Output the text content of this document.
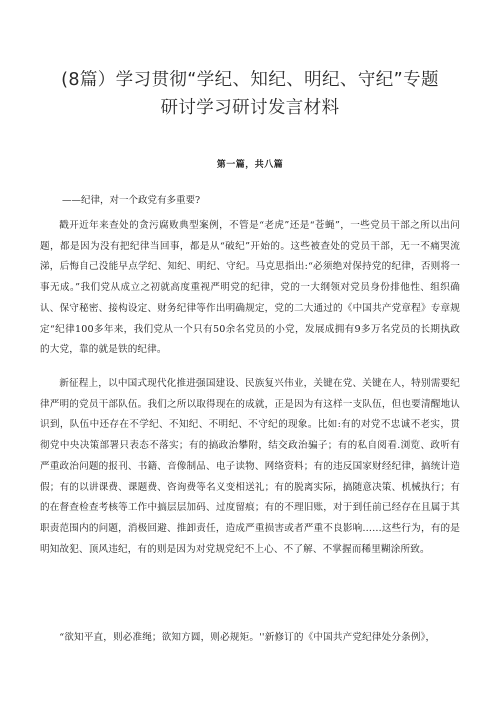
(8篇）学习贯彻“学纪、知纪、明纪、守纪”专题
研讨学习研讨发言材料
第一篇，共八篇
——纪律，对一个政党有多重要?

戳开近年来查处的贪污腐败典型案例，不管是“老虎”还是“苍蝇”，一些党员干部之所以出问题，都是因为没有把纪律当回事，都是从“破纪”开始的。这些被查处的党员干部，无一不痛哭流涕，后悔自己没能早点学纪、知纪、明纪、守纪。马克思指出:“必须绝对保持党的纪律，否则将一事无成。”我们党从成立之初就高度重视严明党的纪律，党的一大纲领对党员身份排他性、组织确认、保守秘密、接构设定、财务纪律等作出明确规定，党的二大通过的《中国共产党章程》专章规定“纪律100多年来，我们党从一个只有50余名党员的小党，发展成拥有9多万名党员的长期执政的大党，靠的就是铁的纪律。

新征程上，以中国式现代化推进强国建设、民族复兴伟业，关键在党、关键在人，特别需要纪律严明的党员干部队伍。我们之所以取得现在的成就，正是因为有这样一支队伍，但也要清醒地认识到，队伍中还存在不学纪、不知纪、不明纪、不守纪的现象。比如:有的对党不忠诚不老实，贯彻党中央决策部署只表态不落实；有的搞政治攀附，结交政治骗子；有的私自阅看.浏览、政听有严重政治问题的报刊、书籍、音像制品、电子读物、网络资料；有的违反国家财经纪律，搞统计造假；有的以讲课费、课题费、咨询费等名义变相送礼；有的脱离实际，搞随意决策、机械执行；有的在督查检查考核等工作中搞层层加码、过度留痕；有的不理旧账，对于到任前已经存在且属于其职责范围内的问题，消极回避、推卸责任，造成严重损害或者严重不良影响……这些行为，有的是明知故犯、顶风违纪，有的则是因为对党规党纪不上心、不了解、不掌握而稀里糊涂所致。

“欲知平直，则必准绳；欲知方圆，则必规矩。''新修订的《中国共产党纪律处分条例》，
